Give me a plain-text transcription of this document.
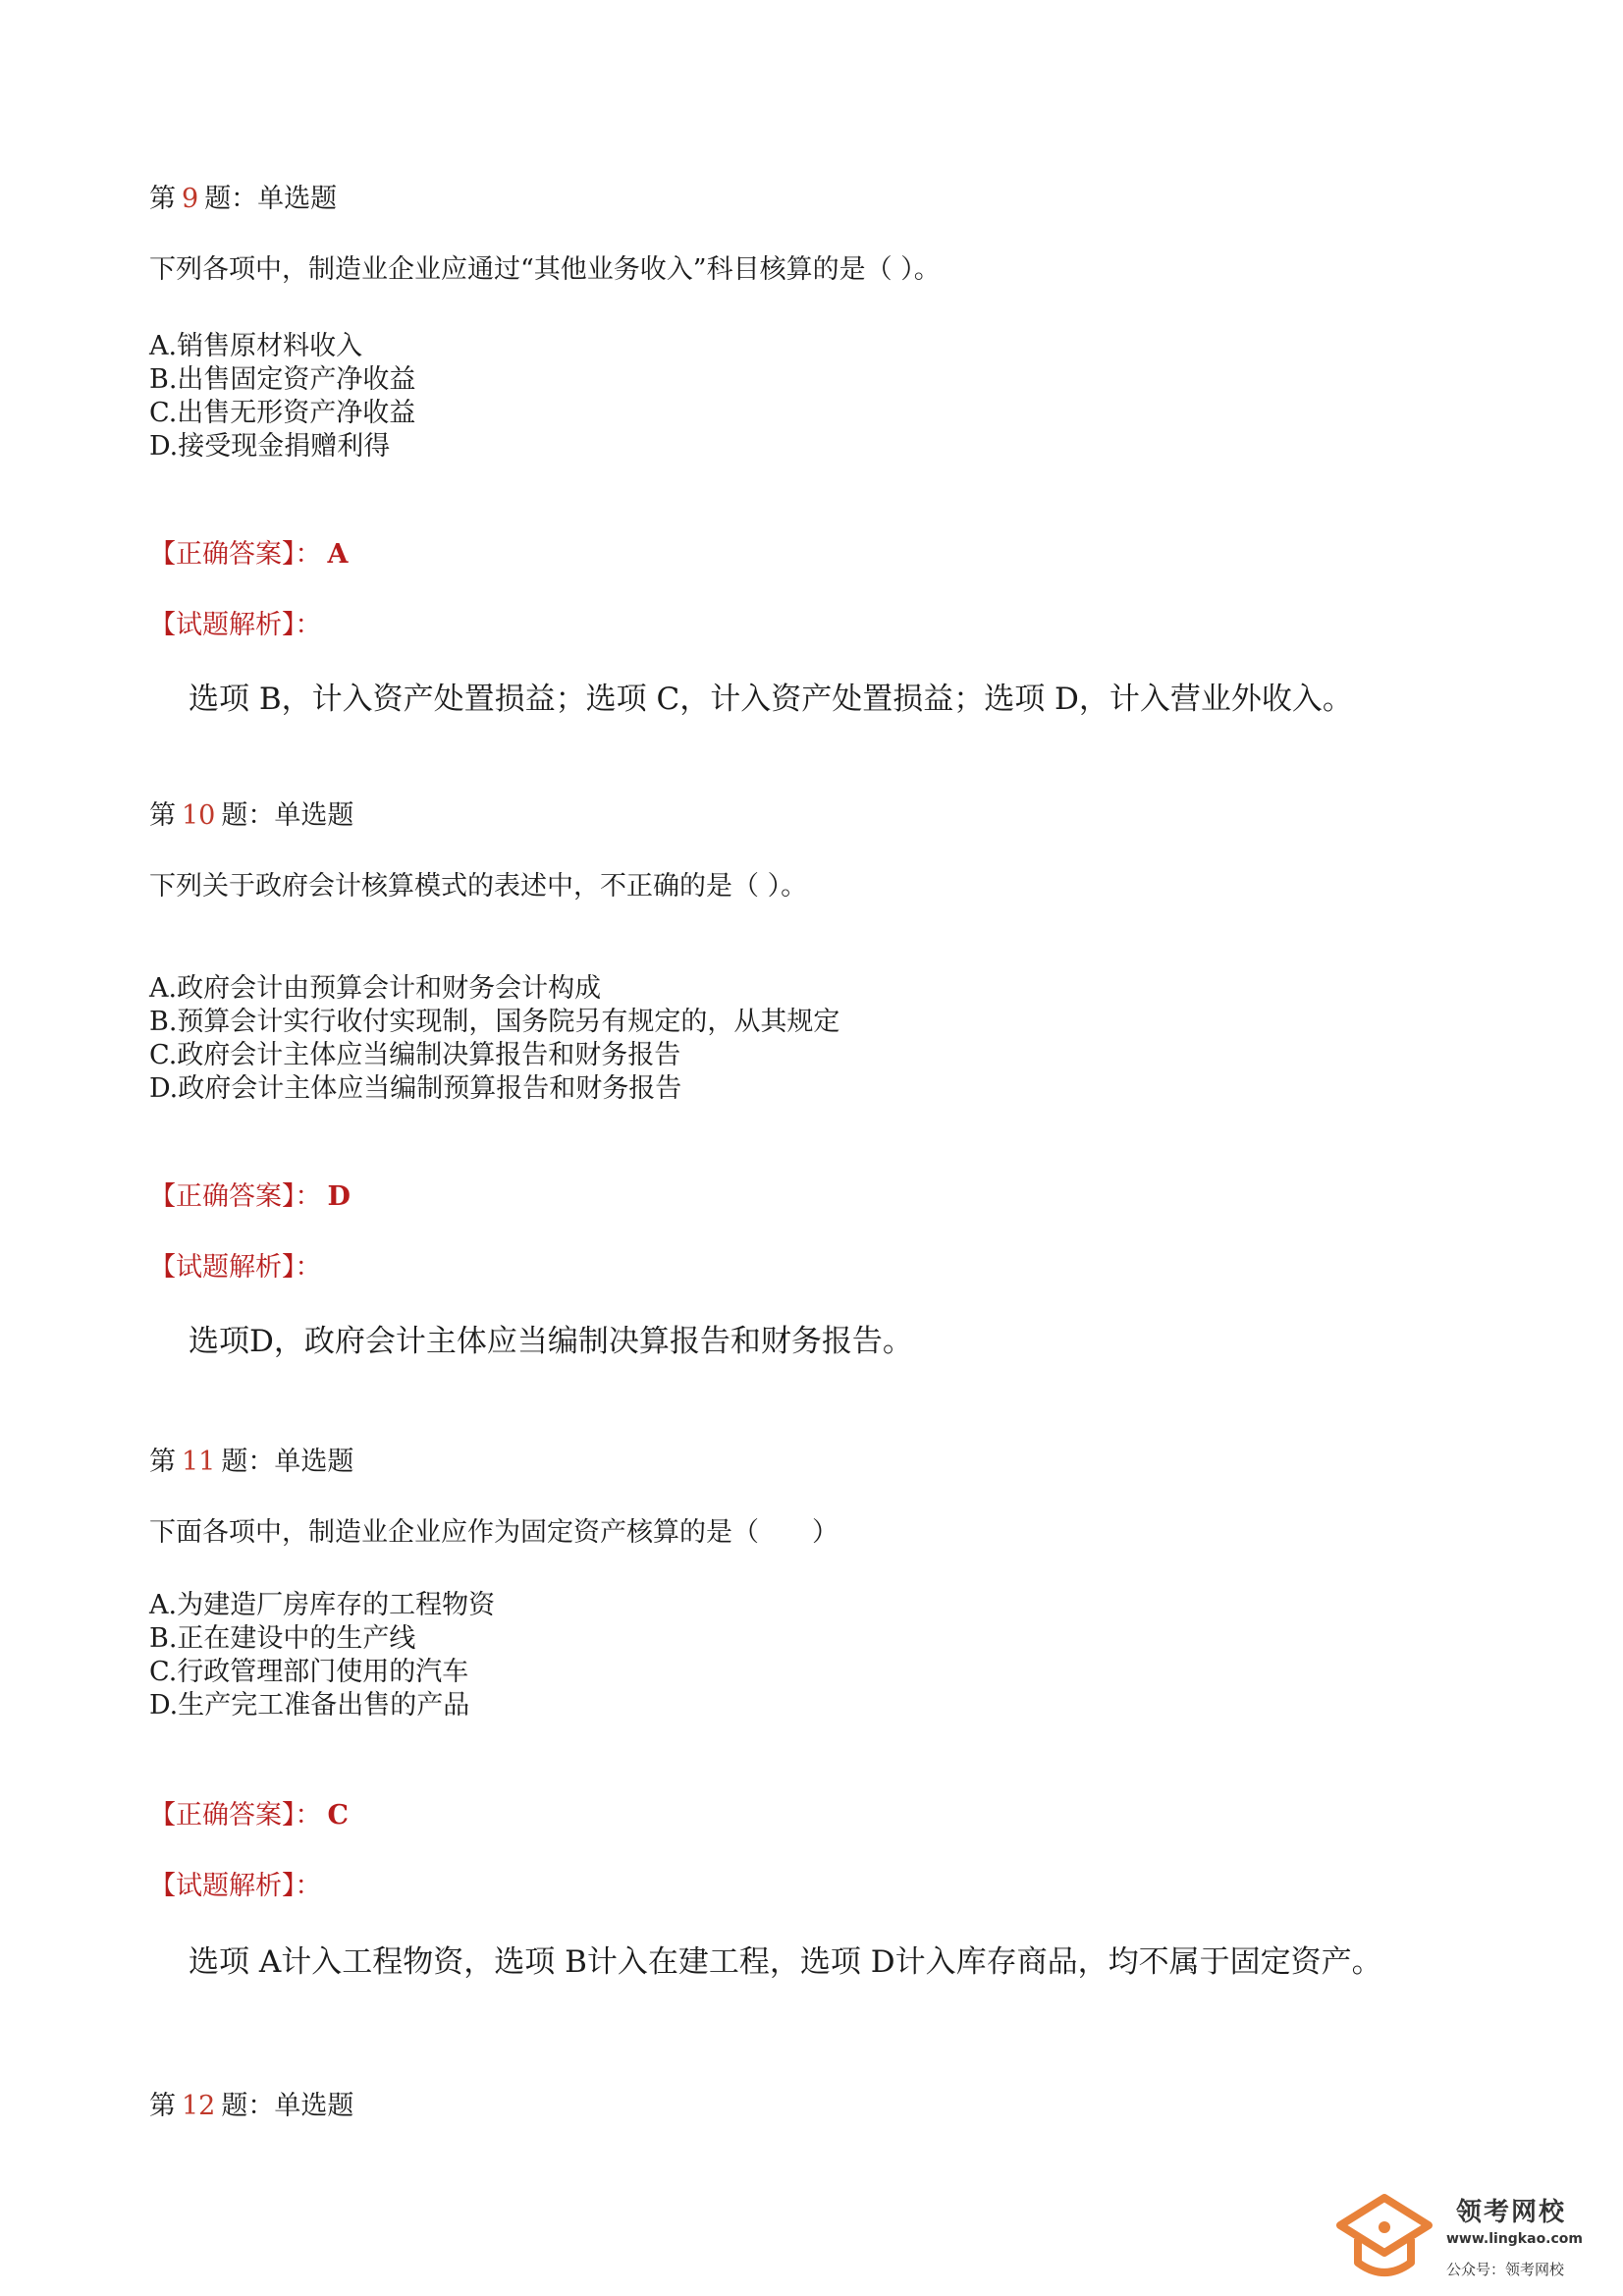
第 9 题：单选题

下列各项中，制造业企业应通过“其他业务收入”科目核算的是（ ）。

A.销售原材料收入
B.出售固定资产净收益
C.出售无形资产净收益
D.接受现金捐赠利得
【正确答案】： A
【试题解析】：
选项 B，计入资产处置损益；选项 C，计入资产处置损益；选项 D，计入营业外收入。

第 10 题：单选题

下列关于政府会计核算模式的表述中，不正确的是（ ）。

A.政府会计由预算会计和财务会计构成
B.预算会计实行收付实现制，国务院另有规定的，从其规定
C.政府会计主体应当编制决算报告和财务报告
D.政府会计主体应当编制预算报告和财务报告
【正确答案】： D
【试题解析】：
选项D，政府会计主体应当编制决算报告和财务报告。

第 11 题：单选题

下面各项中，制造业企业应作为固定资产核算的是（　　）

A.为建造厂房库存的工程物资
B.正在建设中的生产线
C.行政管理部门使用的汽车
D.生产完工准备出售的产品
【正确答案】： C
【试题解析】：
选项 A计入工程物资，选项 B计入在建工程，选项 D计入库存商品，均不属于固定资产。

第 12 题：单选题

领考网校
www.lingkao.com
公众号：领考网校
